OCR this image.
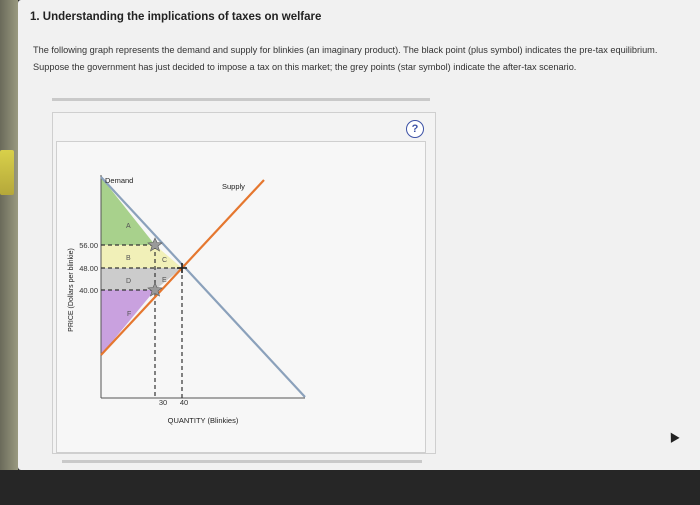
1. Understanding the implications of taxes on welfare
The following graph represents the demand and supply for blinkies (an imaginary product). The black point (plus symbol) indicates the pre-tax equilibrium. Suppose the government has just decided to impose a tax on this market; the grey points (star symbol) indicate the after-tax scenario.
?
A
B	C
D	E
F
Demand
Supply
56.00
48.00
40.00
30 40
QUANTITY (Blinkies)
PRICE (Dollars per blinkie)
